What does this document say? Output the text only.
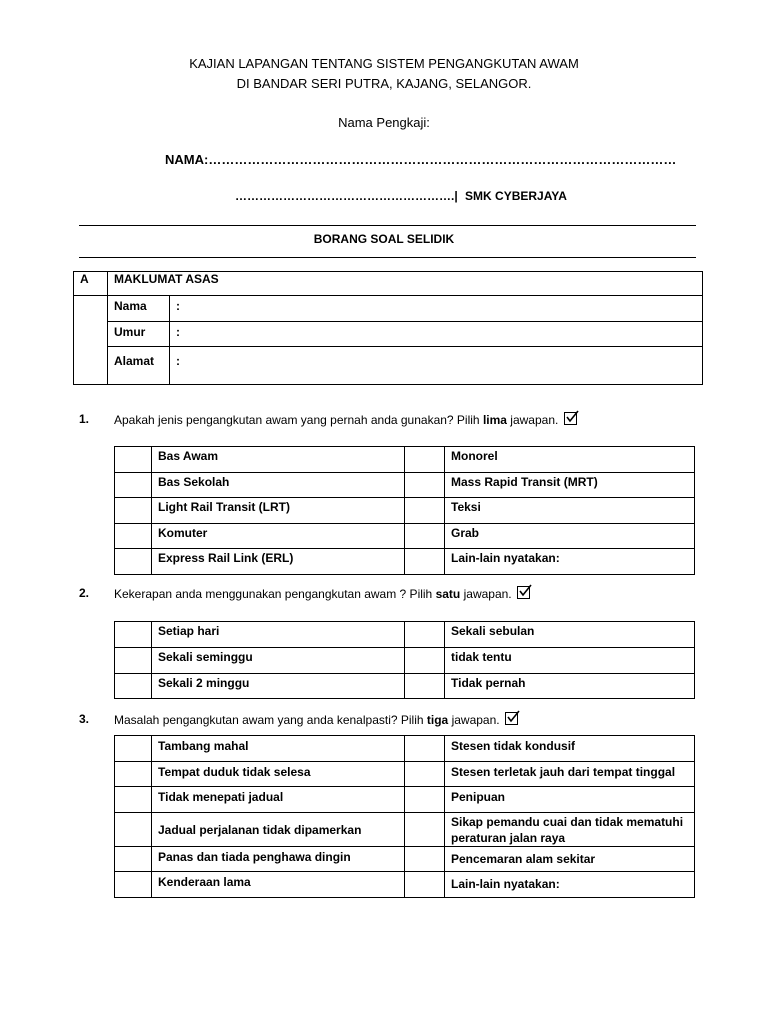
KAJIAN LAPANGAN TENTANG SISTEM PENGANGKUTAN AWAM
DI BANDAR SERI PUTRA, KAJANG, SELANGOR.
Nama Pengkaji:
NAMA:………………………………………………………………………………………………
……………………………………………….| SMK CYBERJAYA
BORANG SOAL SELIDIK
A	MAKLUMAT ASAS	
	Nama	:
	Umur	:
	Alamat	:
1. Apakah jenis pengangkutan awam yang pernah anda gunakan? Pilih lima jawapan.
	Bas Awam		Monorel
	Bas Sekolah		Mass Rapid Transit (MRT)
	Light Rail Transit (LRT)		Teksi
	Komuter		Grab
	Express Rail Link (ERL)		Lain-lain nyatakan:
2. Kekerapan anda menggunakan pengangkutan awam ? Pilih satu jawapan.
	Setiap hari		Sekali sebulan
	Sekali seminggu		tidak tentu
	Sekali 2 minggu		Tidak pernah
3. Masalah pengangkutan awam yang anda kenalpasti? Pilih tiga jawapan.
	Tambang mahal		Stesen tidak kondusif
	Tempat duduk tidak selesa		Stesen terletak jauh dari tempat tinggal
	Tidak menepati jadual		Penipuan
	Jadual perjalanan tidak dipamerkan		Sikap pemandu cuai dan tidak mematuhi peraturan jalan raya
	Panas dan tiada penghawa dingin		Pencemaran alam sekitar
	Kenderaan lama		Lain-lain nyatakan:
